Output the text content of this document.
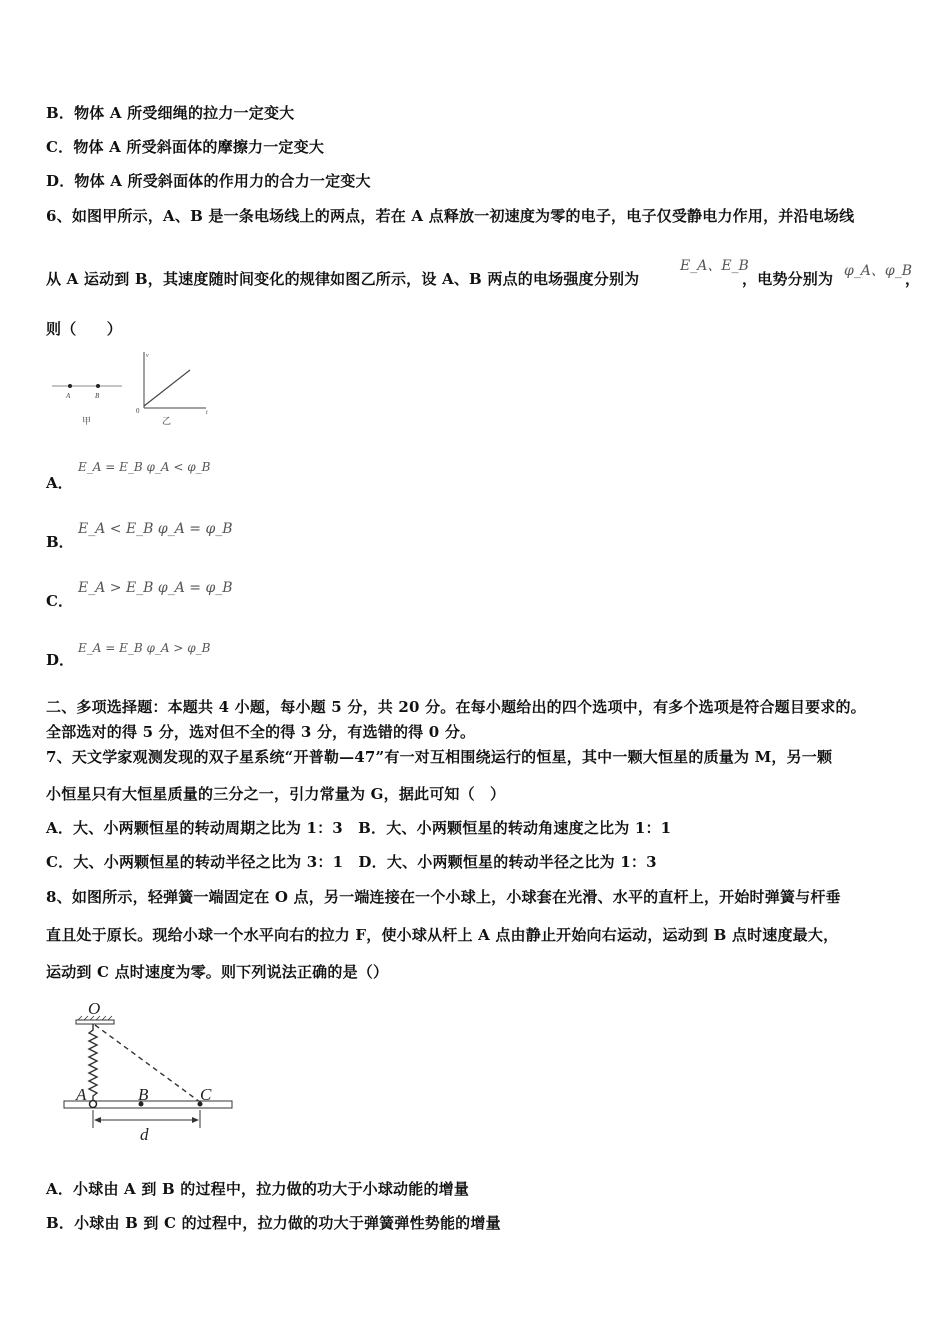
B．物体 A 所受细绳的拉力一定变大
C．物体 A 所受斜面体的摩擦力一定变大
D．物体 A 所受斜面体的作用力的合力一定变大
6、如图甲所示，A、B 是一条电场线上的两点，若在 A 点释放一初速度为零的电子，电子仅受静电力作用，并沿电场线
从 A 运动到 B，其速度随时间变化的规律如图乙所示，设 A、B 两点的电场强度分别为
E_A、E_B
，电势分别为 φ_A、φ_B
，
则（　　）
A	B
甲
v
t
0
乙
A．
E_A = E_B φ_A < φ_B
B．
E_A < E_B φ_A = φ_B
C．
E_A > E_B φ_A = φ_B
D．
E_A = E_B φ_A > φ_B
二、多项选择题：本题共 4 小题，每小题 5 分，共 20 分。在每小题给出的四个选项中，有多个选项是符合题目要求的。
全部选对的得 5 分，选对但不全的得 3 分，有选错的得 0 分。
7、天文学家观测发现的双子星系统“开普勒—47”有一对互相围绕运行的恒星，其中一颗大恒星的质量为 M，另一颗
小恒星只有大恒星质量的三分之一，引力常量为 G，据此可知（　）
A．大、小两颗恒星的转动周期之比为 1：3　B．大、小两颗恒星的转动角速度之比为 1：1
C．大、小两颗恒星的转动半径之比为 3：1　D．大、小两颗恒星的转动半径之比为 1：3
8、如图所示，轻弹簧一端固定在 O 点，另一端连接在一个小球上，小球套在光滑、水平的直杆上，开始时弹簧与杆垂
直且处于原长。现给小球一个水平向右的拉力 F，使小球从杆上 A 点由静止开始向右运动，运动到 B 点时速度最大，
运动到 C 点时速度为零。则下列说法正确的是（）
O
A	B	C
d
A．小球由 A 到 B 的过程中，拉力做的功大于小球动能的增量
B．小球由 B 到 C 的过程中，拉力做的功大于弹簧弹性势能的增量
